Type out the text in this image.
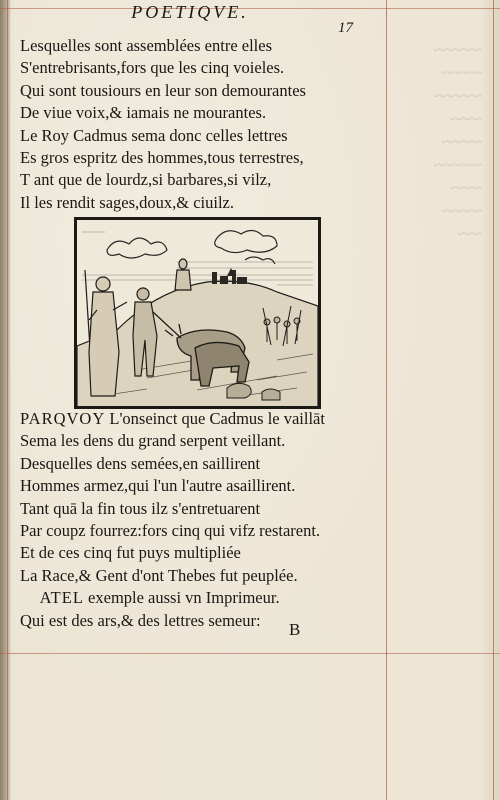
~~~~~~
~~~~~
~~~~~~
~~~~
~~~~~
~~~~~~
~~~~
~~~~~
~~~
POETIQVE.
17
Lesquelles sont assemblées entre elles
S'entrebrisants,fors que les cinq voieles.
Qui sont tousiours en leur son demourantes
De viue voix,& iamais ne mourantes.
Le Roy Cadmus sema donc celles lettres
Es gros espritz des hommes,tous terrestres,
T ant que de lourdz,si barbares,si vilz,
Il les rendit sages,doux,& ciuilz.
PARQVOY L'onseinct que Cadmus le vaillāt
Sema les dens du grand serpent veillant.
Desquelles dens semées,en saillirent
Hommes armez,qui l'un l'autre asaillirent.
Tant quā la fin tous ilz s'entretuarent
Par coupz fourrez:fors cinq qui vifz restarent.
Et de ces cinq fut puys multipliée
La Race,& Gent d'ont Thebes fut peuplée.
ATEL exemple aussi vn Imprimeur.
Qui est des ars,& des lettres semeur:	B
